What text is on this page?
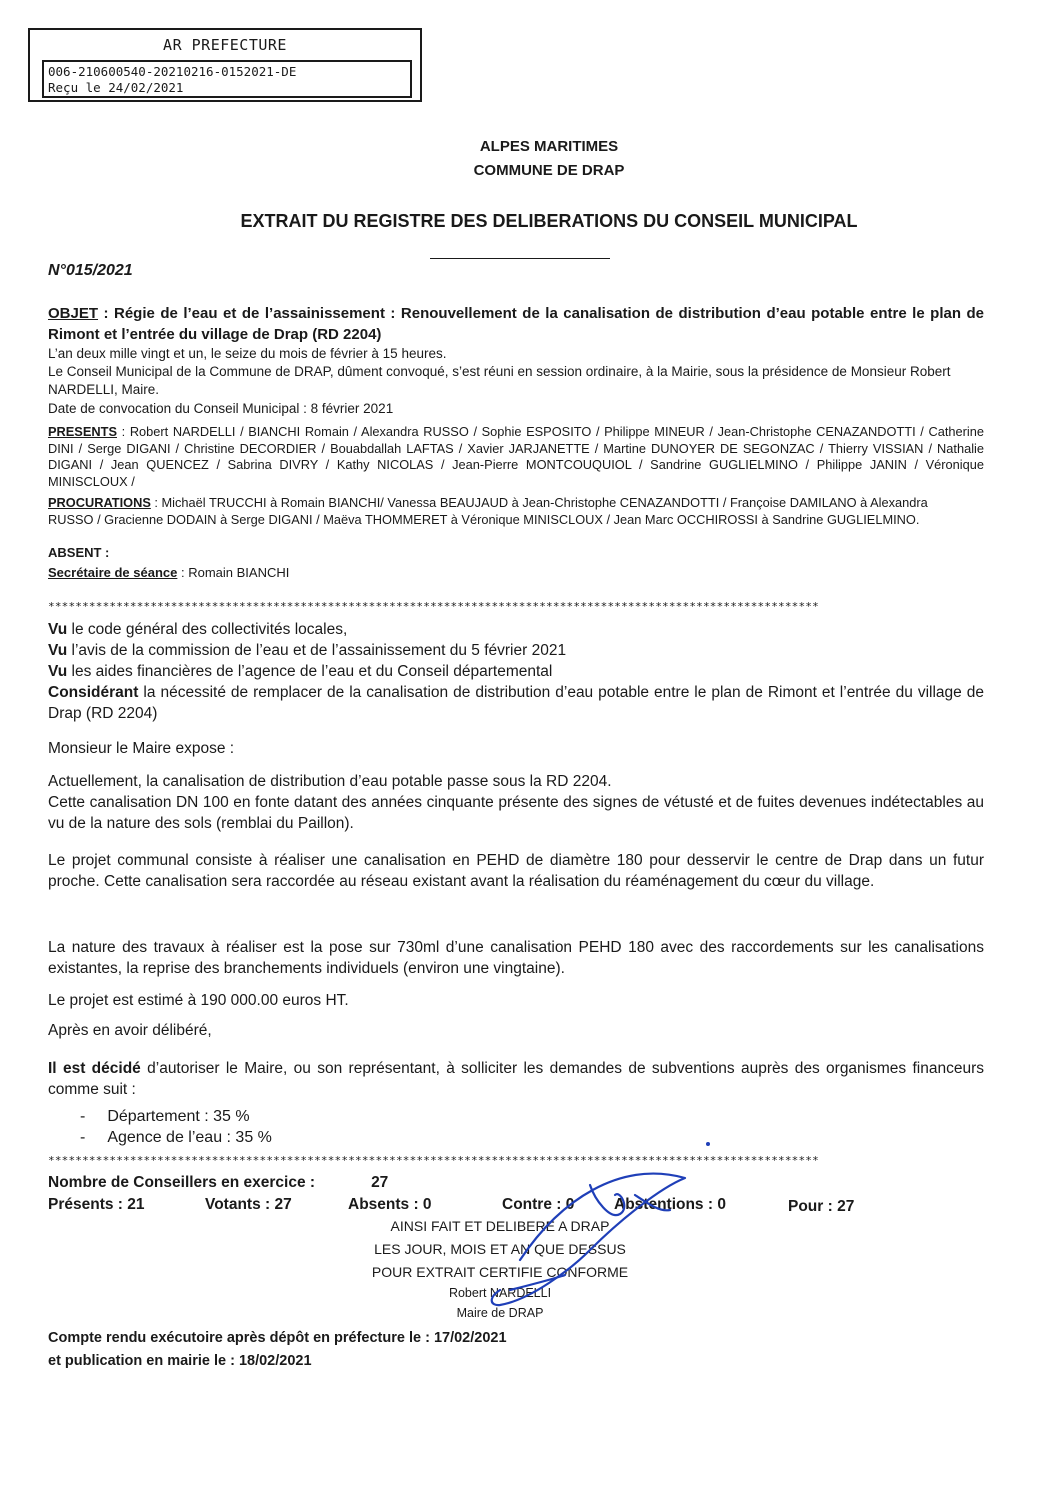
AR PREFECTURE
006-210600540-20210216-0152021-DE
Reçu le 24/02/2021
ALPES MARITIMES
COMMUNE DE DRAP
EXTRAIT DU REGISTRE DES DELIBERATIONS DU CONSEIL MUNICIPAL
N°015/2021
OBJET : Régie de l’eau et de l’assainissement : Renouvellement de la canalisation de distribution d’eau potable entre le plan de Rimont et l’entrée du village de Drap (RD 2204)
L’an deux mille vingt et un, le seize du mois de février à 15 heures.
Le Conseil Municipal de la Commune de DRAP, dûment convoqué, s’est réuni en session ordinaire, à la Mairie, sous la présidence de Monsieur Robert NARDELLI, Maire.
Date de convocation du Conseil Municipal : 8 février 2021
PRESENTS : Robert NARDELLI / BIANCHI Romain / Alexandra RUSSO / Sophie ESPOSITO / Philippe MINEUR / Jean-Christophe CENAZANDOTTI / Catherine DINI / Serge DIGANI / Christine DECORDIER / Bouabdallah LAFTAS / Xavier JARJANETTE / Martine DUNOYER DE SEGONZAC / Thierry VISSIAN / Nathalie DIGANI / Jean QUENCEZ / Sabrina DIVRY / Kathy NICOLAS / Jean-Pierre MONTCOUQUIOL / Sandrine GUGLIELMINO / Philippe JANIN / Véronique MINISCLOUX /
PROCURATIONS : Michaël TRUCCHI à Romain BIANCHI/ Vanessa BEAUJAUD à Jean-Christophe CENAZANDOTTI / Françoise DAMILANO à Alexandra RUSSO / Gracienne DODAIN à Serge DIGANI / Maëva THOMMERET à Véronique MINISCLOUX / Jean Marc OCCHIROSSI à Sandrine GUGLIELMINO.
ABSENT :
Secrétaire de séance : Romain BIANCHI
*****************************************************************************************************************
Vu le code général des collectivités locales,
Vu l’avis de la commission de l’eau et de l’assainissement du 5 février 2021
Vu les aides financières de l’agence de l’eau et du Conseil départemental
Considérant la nécessité de remplacer de la canalisation de distribution d’eau potable entre le plan de Rimont et l’entrée du village de Drap (RD 2204)
Monsieur le Maire expose :
Actuellement, la canalisation de distribution d’eau potable passe sous la RD 2204.
Cette canalisation DN 100 en fonte datant des années cinquante présente des signes de vétusté et de fuites devenues indétectables au vu de la nature des sols (remblai du Paillon).
Le projet communal consiste à réaliser une canalisation en PEHD de diamètre 180 pour desservir le centre de Drap dans un futur proche. Cette canalisation sera raccordée au réseau existant avant la réalisation du réaménagement du cœur du village.
La nature des travaux à réaliser est la pose sur 730ml d’une canalisation PEHD 180 avec des raccordements sur les canalisations existantes, la reprise des branchements individuels (environ une vingtaine).
Le projet est estimé à 190 000.00 euros HT.
Après en avoir délibéré,
Il est décidé d’autoriser le Maire, ou son représentant, à solliciter les demandes de subventions auprès des organismes financeurs comme suit :
- Département : 35 %
- Agence de l’eau : 35 %
*****************************************************************************************************************
Nombre de Conseillers en exercice :	27
Présents : 21	Votants : 27	Absents : 0	Contre : 0	Abstentions : 0	Pour : 27
AINSI FAIT ET DELIBERE A DRAP
LES JOUR, MOIS ET AN QUE DESSUS
POUR EXTRAIT CERTIFIE CONFORME
Robert NARDELLI
Maire de DRAP
Compte rendu exécutoire après dépôt en préfecture le : 17/02/2021
et publication en mairie le : 18/02/2021
